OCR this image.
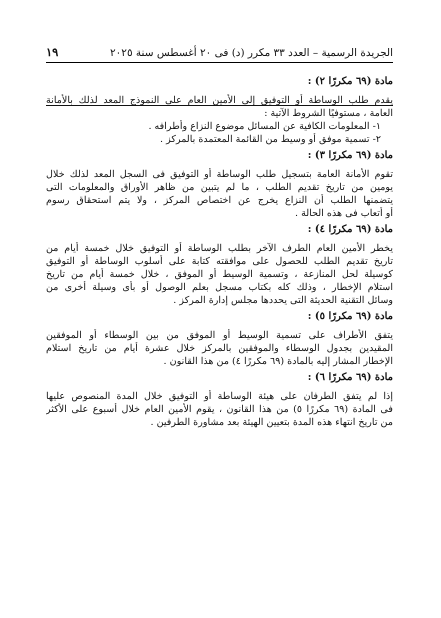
الجريدة الرسمية – العدد ٣٣ مكرر (د) فى ٢٠ أغسطس سنة ٢٠٢٥
١٩
مادة (٦٩ مكررًا ٢) :
يقدم طلب الوساطة أو التوفيق إلى الأمين العام على النموذج المعد لذلك بالأمانة
العامة ، مستوفيًا الشروط الآتية :
١- المعلومات الكافية عن المسائل موضوع النزاع وأطرافه .
٢- تسمية موفق أو وسيط من القائمة المعتمدة بالمركز .
مادة (٦٩ مكررًا ٣) :
تقوم الأمانة العامة بتسجيل طلب الوساطة أو التوفيق فى السجل المعد لذلك خلال
يومين من تاريخ تقديم الطلب ، ما لم يتبين من ظاهر الأوراق والمعلومات التى
يتضمنها الطلب أن النزاع يخرج عن اختصاص المركز ، ولا يتم استحقاق رسوم
أو أتعاب فى هذه الحالة .
مادة (٦٩ مكررًا ٤) :
يخطر الأمين العام الطرف الآخر بطلب الوساطة أو التوفيق خلال خمسة أيام من
تاريخ تقديم الطلب للحصول على موافقته كتابة على أسلوب الوساطة أو التوفيق
كوسيلة لحل المنازعة ، وتسمية الوسيط أو الموفق ، خلال خمسة أيام من تاريخ
استلام الإخطار ، وذلك كله بكتاب مسجل بعلم الوصول أو بأى وسيلة أخرى من
وسائل التقنية الحديثة التى يحددها مجلس إدارة المركز .
مادة (٦٩ مكررًا ٥) :
يتفق الأطراف على تسمية الوسيط أو الموفق من بين الوسطاء أو الموفقين
المقيدين بجدول الوسطاء والموفقين بالمركز خلال عشرة أيام من تاريخ استلام
الإخطار المشار إليه بالمادة (٦٩ مكررًا ٤) من هذا القانون .
مادة (٦٩ مكررًا ٦) :
إذا لم يتفق الطرفان على هيئة الوساطة أو التوفيق خلال المدة المنصوص عليها
فى المادة (٦٩ مكررًا ٥) من هذا القانون ، يقوم الأمين العام خلال أسبوع على الأكثر
من تاريخ انتهاء هذه المدة بتعيين الهيئة بعد مشاورة الطرفين .
